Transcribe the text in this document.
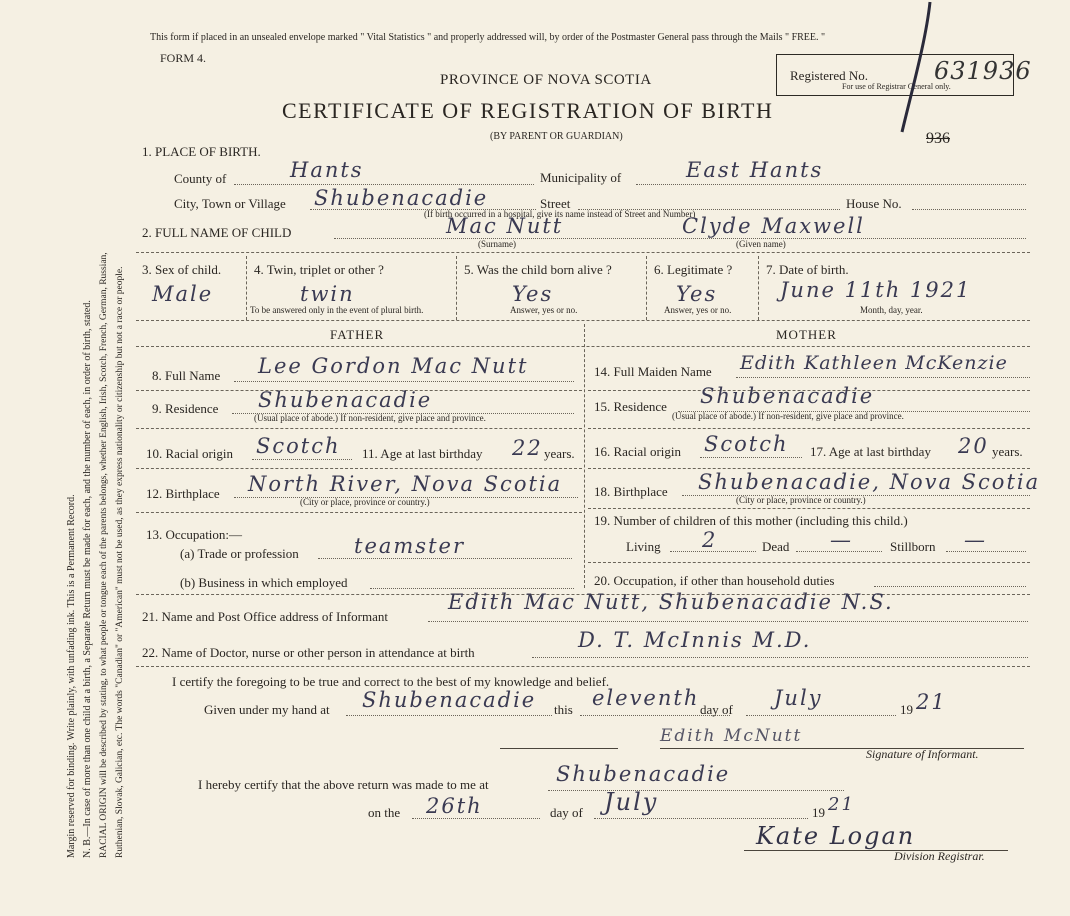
Margin reserved for binding. Write plainly, with unfading ink. This is a Permanent Record. N. B.—In case of more than one child at a birth, a Separate Return must be made for each, and the number of each, in order of birth, stated. RACIAL ORIGIN will be described by stating, to what people or tongue each of the parents belongs, whether English, Irish, Scotch, French, German, Russian, Ruthenian, Slovak, Galician, etc. The words "Canadian" or "American" must not be used, as they express nationality or citizenship but not a race or people.
This form if placed in an unsealed envelope marked " Vital Statistics " and properly addressed will, by order of the Postmaster General pass through the Mails " FREE. "
FORM 4.
PROVINCE OF NOVA SCOTIA
CERTIFICATE OF REGISTRATION OF BIRTH
(BY PARENT OR GUARDIAN)
Registered No.	631936
For use of Registrar General only.
936
1. PLACE OF BIRTH.
County of	Hants	Municipality of	East Hants
City, Town or Village Shubenacadie	Street	House No.
(If birth occurred in a hospital, give its name instead of Street and Number)
2. FULL NAME OF CHILD	Mac Nutt	Clyde Maxwell
(Surname)	(Given name)
3. Sex of child.
Male
4. Twin, triplet or other ?
twin
To be answered only in the event of plural birth.
5. Was the child born alive ?
Yes
Answer, yes or no.
6. Legitimate ?
Yes
Answer, yes or no.
7. Date of birth.
June 11th 1921
Month, day, year.
FATHER	MOTHER
8. Full Name Lee Gordon Mac Nutt
9. Residence Shubenacadie
(Usual place of abode.) If non-resident, give place and province.
10. Racial origin Scotch 11. Age at last birthday 22 years.
12. Birthplace North River, Nova Scotia
(City or place, province or country.)
13. Occupation:—
(a) Trade or profession	teamster
(b) Business in which employed
14. Full Maiden Name Edith Kathleen McKenzie
15. Residence Shubenacadie
(Usual place of abode.) If non-resident, give place and province.
16. Racial origin Scotch 17. Age at last birthday 20 years.
18. Birthplace Shubenacadie, Nova Scotia
(City or place, province or country.)
19. Number of children of this mother (including this child.)
Living 2	Dead —	Stillborn —
20. Occupation, if other than household duties
21. Name and Post Office address of Informant
Edith Mac Nutt, Shubenacadie N.S.
22. Name of Doctor, nurse or other person in attendance at birth
D. T. McInnis M.D.
I certify the foregoing to be true and correct to the best of my knowledge and belief.
Given under my hand at Shubenacadie this eleventh day of July	19 21
Edith McNutt
Signature of Informant.
I hereby certify that the above return was made to me at	Shubenacadie
on the 26th	day of July	19 21
Kate Logan
Division Registrar.
